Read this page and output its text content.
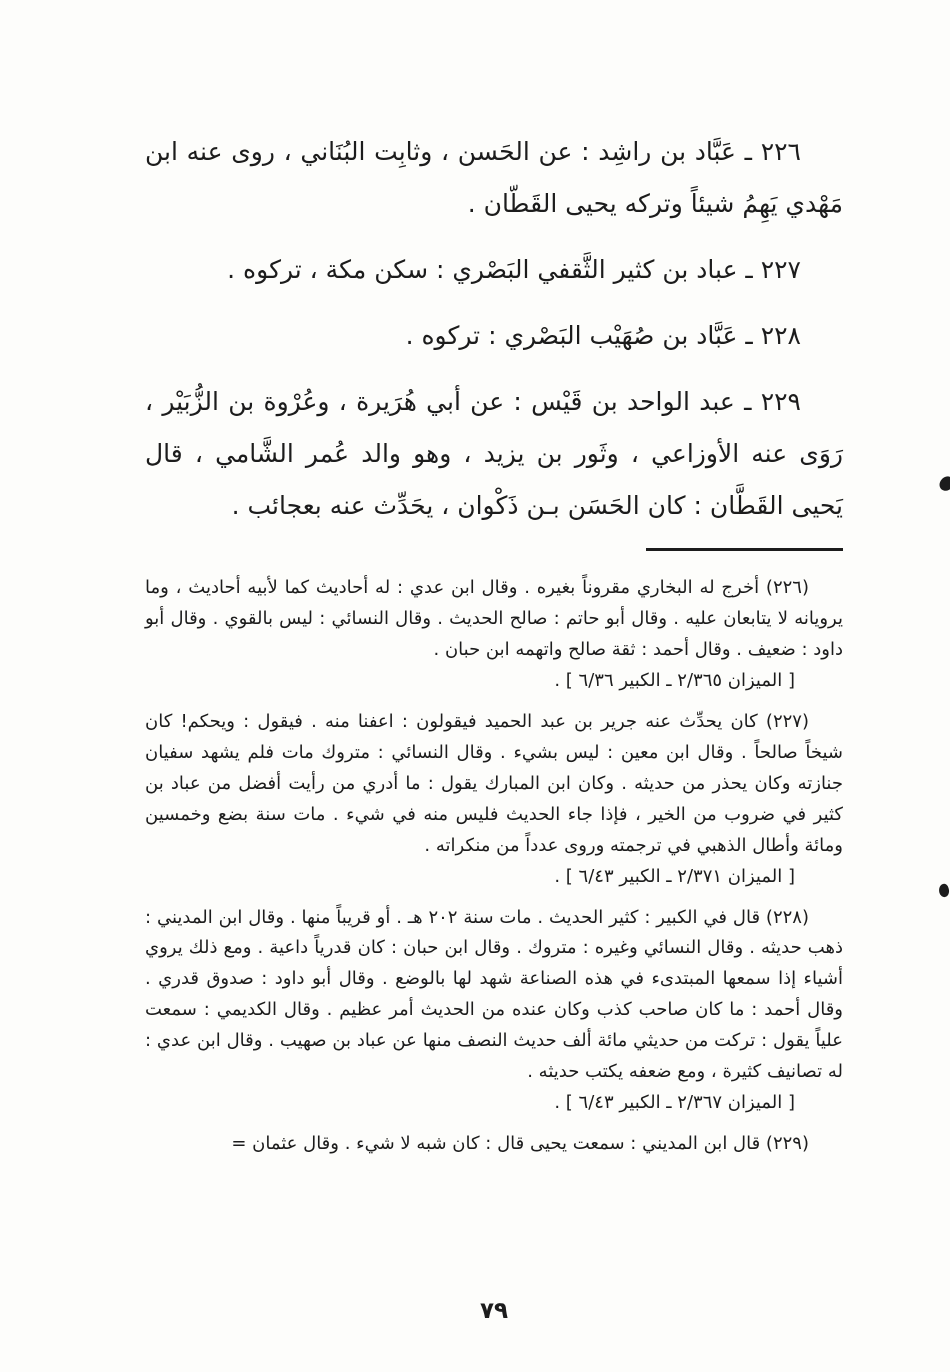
٢٢٦ ـ عَبَّاد بن راشِد : عن الحَسن ، وثابِت البُنَاني ، روى عنه ابن مَهْدي يَهِمُ شيئاً وتركه يحيى القَطّان .

٢٢٧ ـ عباد بن كثير الثَّقفي البَصْري : سكن مكة ، تركوه .

٢٢٨ ـ عَبَّاد بن صُهَيْب البَصْري : تركوه .

٢٢٩ ـ عبد الواحد بن قَيْس : عن أبي هُرَيرة ، وعُرْوة بن الزُّبَيْر ، رَوَى عنه الأوزاعي ، وثَور بن يزيد ، وهو والد عُمر الشَّامي ، قال يَحيى القَطَّان : كان الحَسَن بـن ذَكْوان ، يحَدِّث عنه بعجائب .

(٢٢٦) أخرج له البخاري مقروناً بغيره . وقال ابن عدي : له أحاديث كما لأبيه أحاديث ، وما يرويانه لا يتابعان عليه . وقال أبو حاتم : صالح الحديث . وقال النسائي : ليس بالقوي . وقال أبو داود : ضعيف . وقال أحمد : ثقة صالح واتهمه ابن حبان .

[ الميزان ٢/٣٦٥ ـ الكبير ٦/٣٦ ] .

(٢٢٧) كان يحدِّث عنه جرير بن عبد الحميد فيقولون : اعفنا منه . فيقول : ويحكم! كان شيخاً صالحاً . وقال ابن معين : ليس بشيء . وقال النسائي : متروك مات فلم يشهد سفيان جنازته وكان يحذر من حديثه . وكان ابن المبارك يقول : ما أدري من رأيت أفضل من عباد بن كثير في ضروب من الخير ، فإذا جاء الحديث فليس منه في شيء . مات سنة بضع وخمسين ومائة وأطال الذهبي في ترجمته وروى عدداً من منكراته .

[ الميزان ٢/٣٧١ ـ الكبير ٦/٤٣ ] .

(٢٢٨) قال في الكبير : كثير الحديث . مات سنة ٢٠٢ هـ . أو قريباً منها . وقال ابن المديني : ذهب حديثه . وقال النسائي وغيره : متروك . وقال ابن حبان : كان قدرياً داعية . ومع ذلك يروي أشياء إذا سمعها المبتدىء في هذه الصناعة شهد لها بالوضع . وقال أبو داود : صدوق قدري . وقال أحمد : ما كان صاحب كذب وكان عنده من الحديث أمر عظيم . وقال الكديمي : سمعت علياً يقول : تركت من حديثي مائة ألف حديث النصف منها عن عباد بن صهيب . وقال ابن عدي : له تصانيف كثيرة ، ومع ضعفه يكتب حديثه .

[ الميزان ٢/٣٦٧ ـ الكبير ٦/٤٣ ] .

(٢٢٩) قال ابن المديني : سمعت يحيى قال : كان شبه لا شيء . وقال عثمان =

٧٩
